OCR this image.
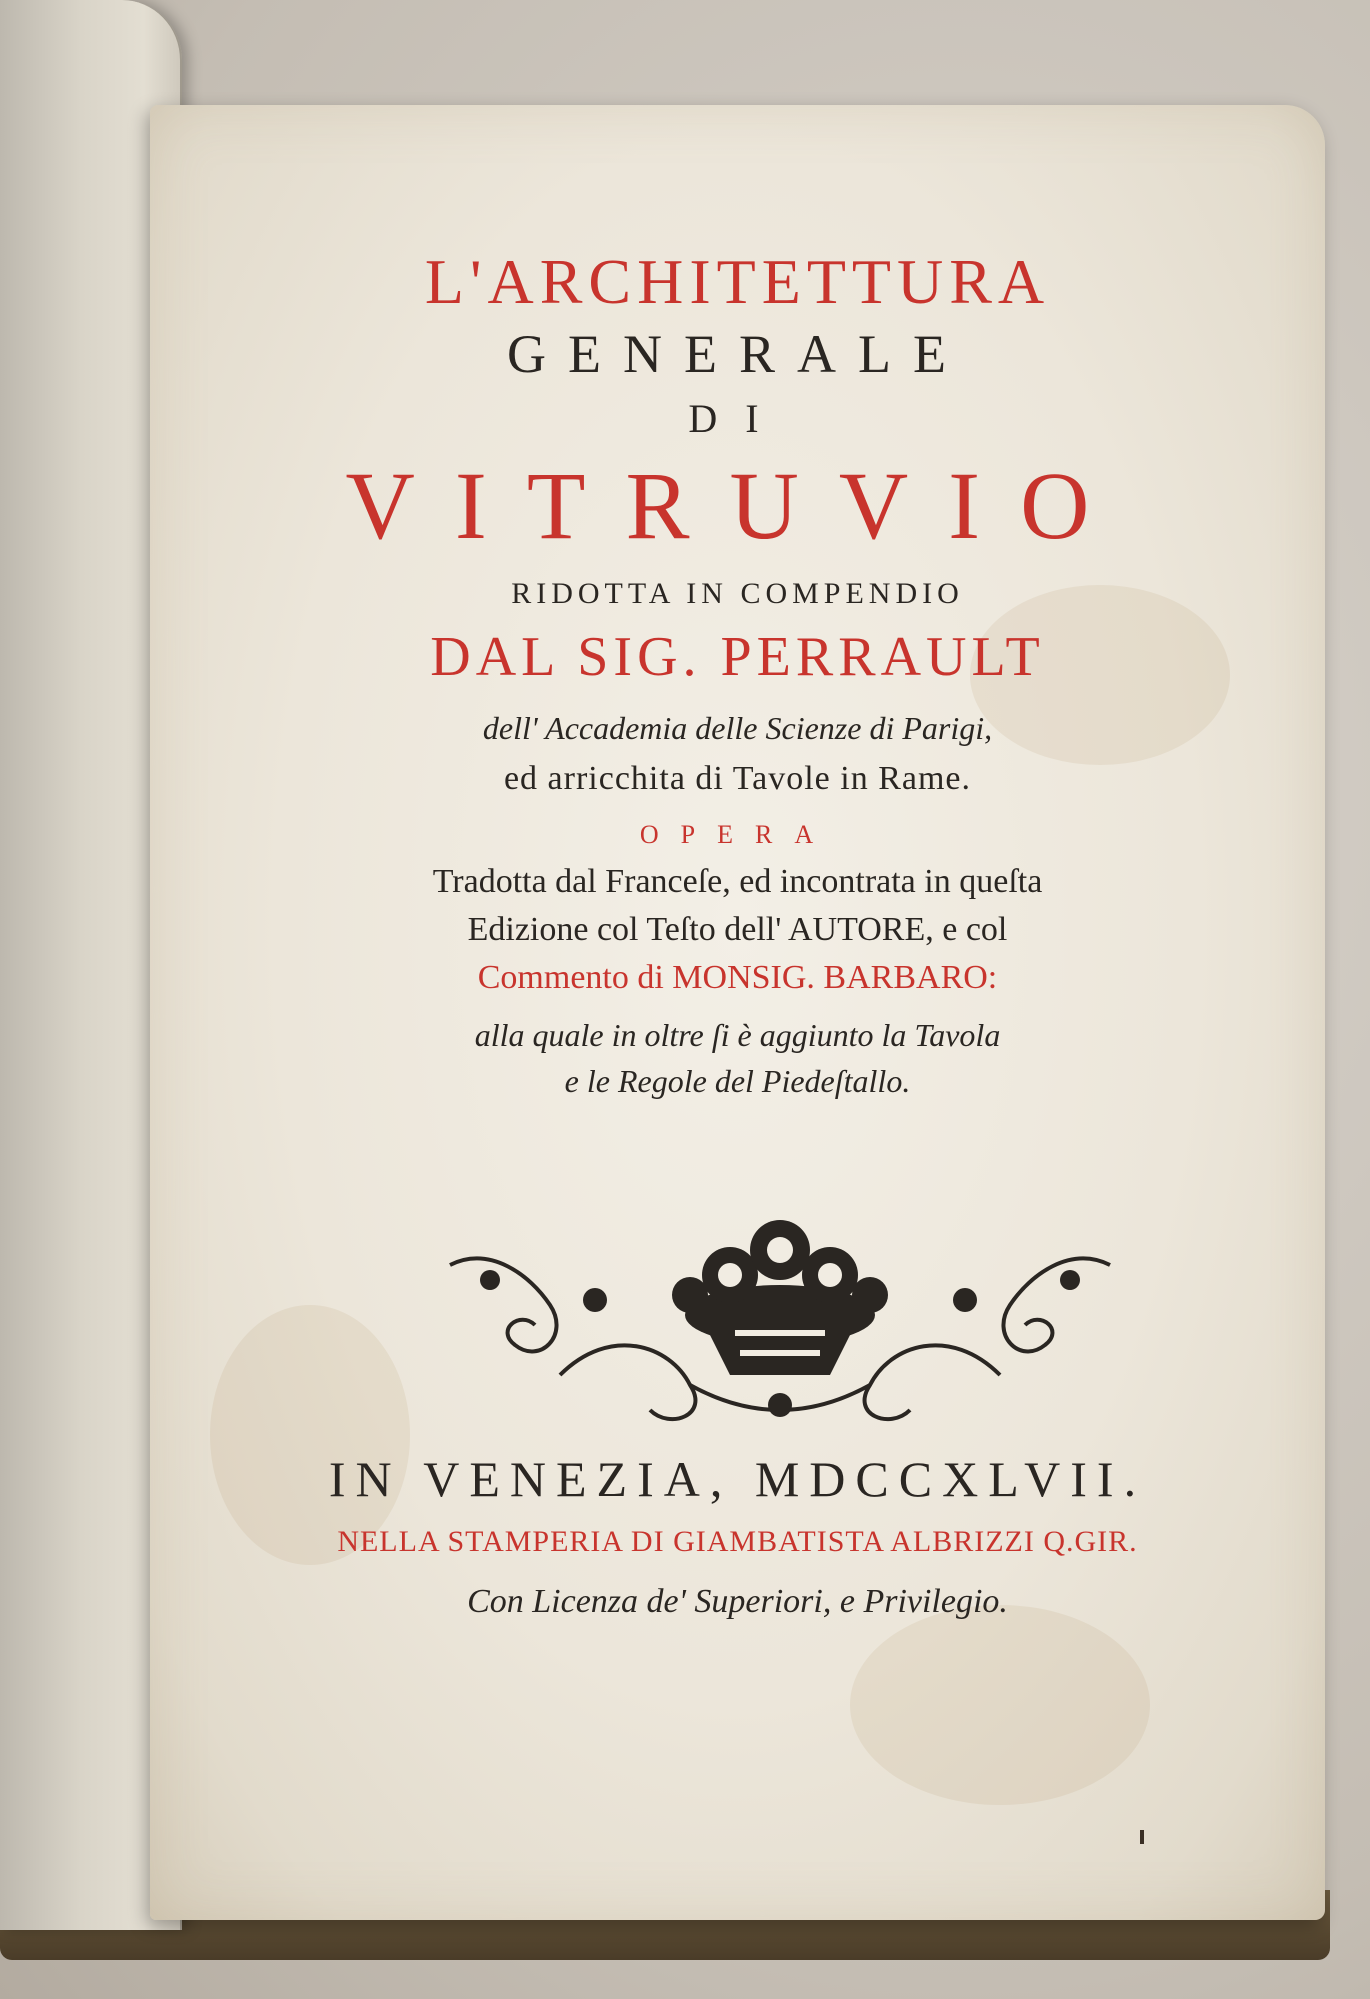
L'ARCHITETTURA
GENERALE
DI
VITRUVIO
RIDOTTA IN COMPENDIO
DAL SIG. PERRAULT
dell' Accademia delle Scienze di Parigi,
ed arricchita di Tavole in Rame.
OPERA
Tradotta dal Franceſe, ed incontrata in queſta
Edizione col Teſto dell' AUTORE, e col
Commento di MONSIG. BARBARO:
alla quale in oltre ſi è aggiunto la Tavola
e le Regole del Piedeſtallo.
IN VENEZIA, MDCCXLVII.
NELLA STAMPERIA DI GIAMBATISTA ALBRIZZI Q.GIR.
Con Licenza de' Superiori, e Privilegio.
